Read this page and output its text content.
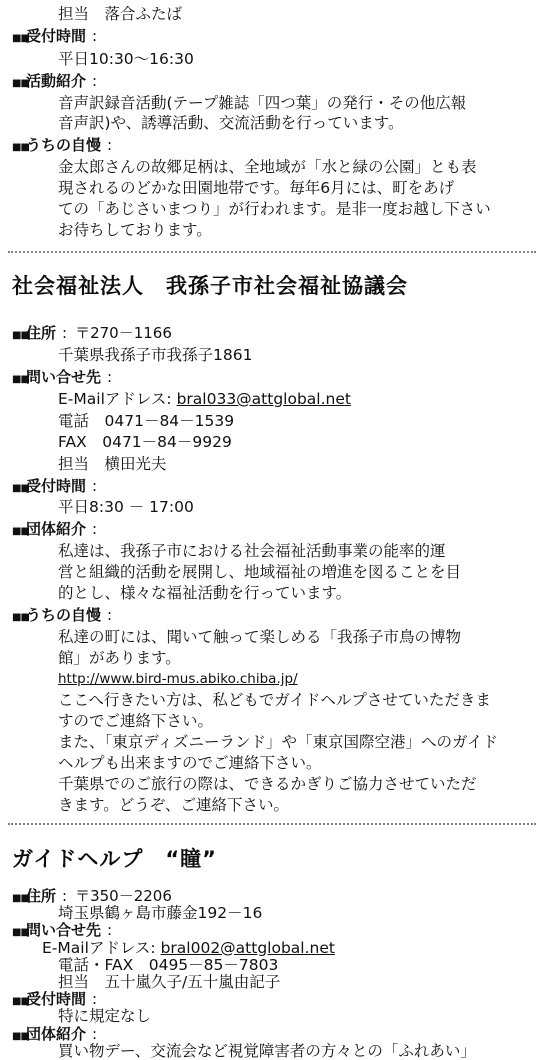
担当　落合ふたば
■■受付時間 :
平日10:30～16:30
■■活動紹介 :
音声訳録音活動(テープ雑誌「四つ葉」の発行・その他広報
音声訳)や、誘導活動、交流活動を行っています。
■■うちの自慢 :
金太郎さんの故郷足柄は、全地域が「水と緑の公園」とも表
現されるのどかな田園地帯です。毎年6月には、町をあげ
ての「あじさいまつり」が行われます。是非一度お越し下さい
お待ちしております。
社会福祉法人　我孫子市社会福祉協議会
■■住所 : 〒270－1166
千葉県我孫子市我孫子1861
■■問い合せ先 :
E-Mailアドレス: bral033@attglobal.net
電話　0471－84－1539
FAX　0471－84－9929
担当　横田光夫
■■受付時間 :
平日8:30 － 17:00
■■団体紹介 :
私達は、我孫子市における社会福祉活動事業の能率的運
営と組織的活動を展開し、地域福祉の増進を図ることを目
的とし、様々な福祉活動を行っています。
■■うちの自慢 :
私達の町には、聞いて触って楽しめる「我孫子市鳥の博物
館」があります。
http://www.bird-mus.abiko.chiba.jp/
ここへ行きたい方は、私どもでガイドヘルプさせていただきま
すのでご連絡下さい。
また、「東京ディズニーランド」や「東京国際空港」へのガイド
ヘルプも出来ますのでご連絡下さい。
千葉県でのご旅行の際は、できるかぎりご協力させていただ
きます。どうぞ、ご連絡下さい。
ガイドヘルプ　“瞳”
■■住所 : 〒350－2206
埼玉県鶴ヶ島市藤金192－16
■■問い合せ先 :
E-Mailアドレス: bral002@attglobal.net
電話・FAX　0495－85－7803
担当　五十嵐久子/五十嵐由記子
■■受付時間 :
特に規定なし
■■団体紹介 :
買い物デー、交流会など視覚障害者の方々との「ふれあい」
